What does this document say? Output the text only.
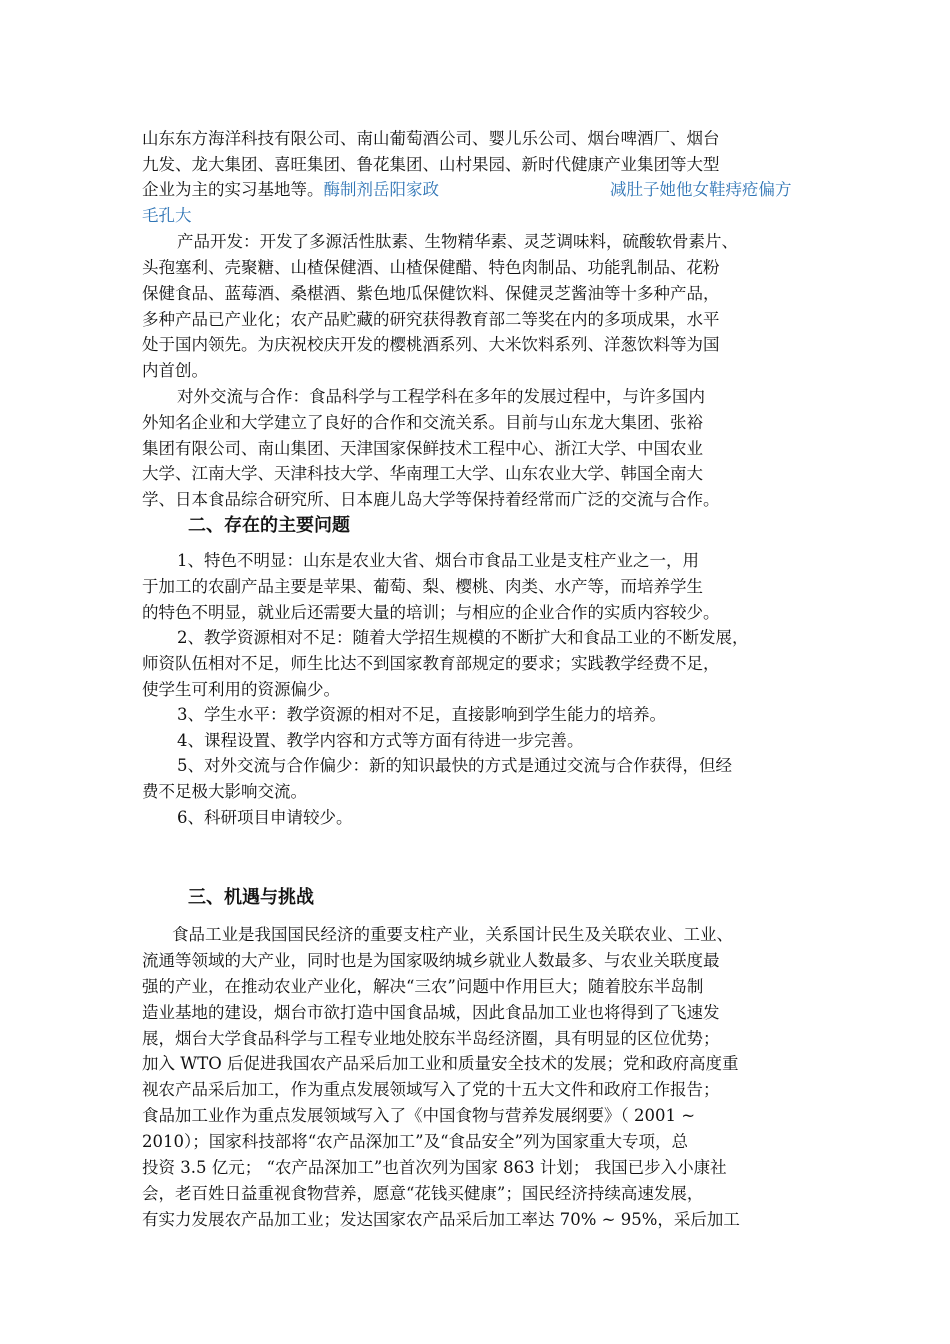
山东东方海洋科技有限公司、南山葡萄酒公司、婴儿乐公司、烟台啤酒厂、烟台
九发、龙大集团、喜旺集团、鲁花集团、山村果园、新时代健康产业集团等大型
企业为主的实习基地等。酶制剂岳阳家政	减肚子她他女鞋痔疮偏方
毛孔大
产品开发：开发了多源活性肽素、生物精华素、灵芝调味料，硫酸软骨素片、
头孢塞利、壳聚糖、山楂保健酒、山楂保健醋、特色肉制品、功能乳制品、花粉
保健食品、蓝莓酒、桑椹酒、紫色地瓜保健饮料、保健灵芝酱油等十多种产品，
多种产品已产业化；农产品贮藏的研究获得教育部二等奖在内的多项成果，水平
处于国内领先。为庆祝校庆开发的樱桃酒系列、大米饮料系列、洋葱饮料等为国
内首创。
对外交流与合作：食品科学与工程学科在多年的发展过程中，与许多国内
外知名企业和大学建立了良好的合作和交流关系。目前与山东龙大集团、张裕
集团有限公司、南山集团、天津国家保鲜技术工程中心、浙江大学、中国农业
大学、江南大学、天津科技大学、华南理工大学、山东农业大学、韩国全南大
学、日本食品综合研究所、日本鹿儿岛大学等保持着经常而广泛的交流与合作。
二、存在的主要问题
1、特色不明显：山东是农业大省、烟台市食品工业是支柱产业之一，用
于加工的农副产品主要是苹果、葡萄、梨、樱桃、肉类、水产等，而培养学生
的特色不明显，就业后还需要大量的培训；与相应的企业合作的实质内容较少。
2、教学资源相对不足：随着大学招生规模的不断扩大和食品工业的不断发展，
师资队伍相对不足，师生比达不到国家教育部规定的要求；实践教学经费不足，
使学生可利用的资源偏少。
3、学生水平：教学资源的相对不足，直接影响到学生能力的培养。
4、课程设置、教学内容和方式等方面有待进一步完善。
5、对外交流与合作偏少：新的知识最快的方式是通过交流与合作获得，但经
费不足极大影响交流。
6、科研项目申请较少。
三、机遇与挑战
食品工业是我国国民经济的重要支柱产业，关系国计民生及关联农业、工业、
流通等领域的大产业，同时也是为国家吸纳城乡就业人数最多、与农业关联度最
强的产业，在推动农业产业化，解决“三农”问题中作用巨大；随着胶东半岛制
造业基地的建设，烟台市欲打造中国食品城，因此食品加工业也将得到了飞速发
展，烟台大学食品科学与工程专业地处胶东半岛经济圈，具有明显的区位优势；
加入 WTO 后促进我国农产品采后加工业和质量安全技术的发展；党和政府高度重
视农产品采后加工，作为重点发展领域写入了党的十五大文件和政府工作报告；
食品加工业作为重点发展领域写入了《中国食物与营养发展纲要》（ 2001 ~
2010）；国家科技部将“农产品深加工”及“食品安全”列为国家重大专项，总
投资 3.5 亿元； “农产品深加工”也首次列为国家 863 计划； 我国已步入小康社
会，老百姓日益重视食物营养，愿意“花钱买健康”；国民经济持续高速发展，
有实力发展农产品加工业；发达国家农产品采后加工率达 70% ~ 95%，采后加工
